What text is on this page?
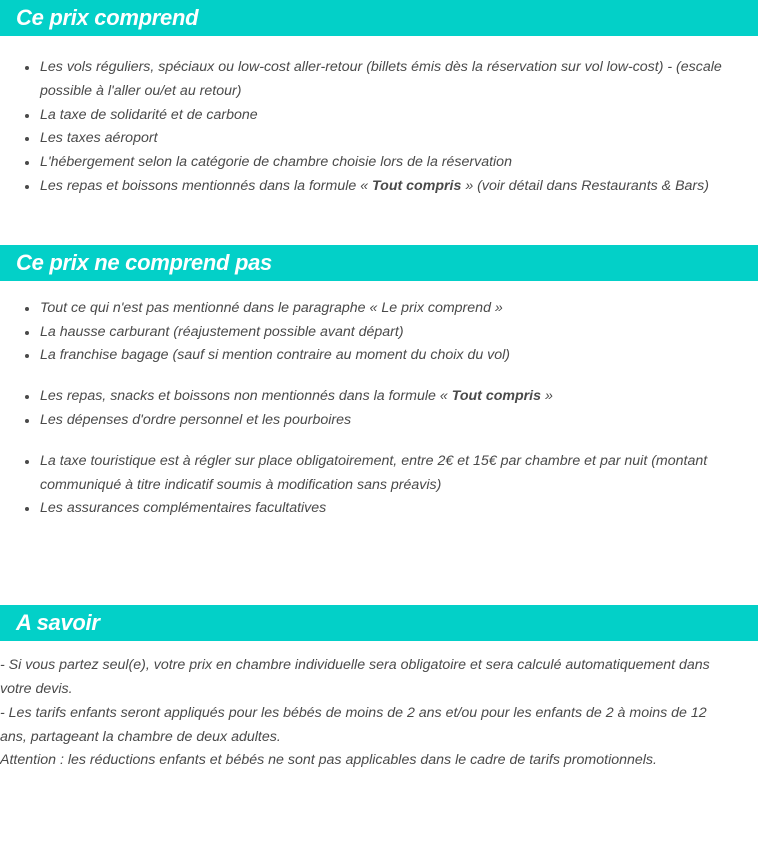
Ce prix comprend
Les vols réguliers, spéciaux ou low-cost aller-retour (billets émis dès la réservation sur vol low-cost) - (escale possible à l'aller ou/et au retour)
La taxe de solidarité et de carbone
Les taxes aéroport
L'hébergement selon la catégorie de chambre choisie lors de la réservation
Les repas et boissons mentionnés dans la formule « Tout compris » (voir détail dans Restaurants & Bars)
Ce prix ne comprend pas
Tout ce qui n'est pas mentionné dans le paragraphe « Le prix comprend »
La hausse carburant (réajustement possible avant départ)
La franchise bagage (sauf si mention contraire au moment du choix du vol)
Les repas, snacks et boissons non mentionnés dans la formule « Tout compris »
Les dépenses d'ordre personnel et les pourboires
La taxe touristique est à régler sur place obligatoirement, entre 2€ et 15€ par chambre et par nuit (montant communiqué à titre indicatif soumis à modification sans préavis)
Les assurances complémentaires facultatives
A savoir

- Si vous partez seul(e), votre prix en chambre individuelle sera obligatoire et sera calculé automatiquement dans votre devis.

- Les tarifs enfants seront appliqués pour les bébés de moins de 2 ans et/ou pour les enfants de 2 à moins de 12 ans, partageant la chambre de deux adultes.

Attention : les réductions enfants et bébés ne sont pas applicables dans le cadre de tarifs promotionnels.
